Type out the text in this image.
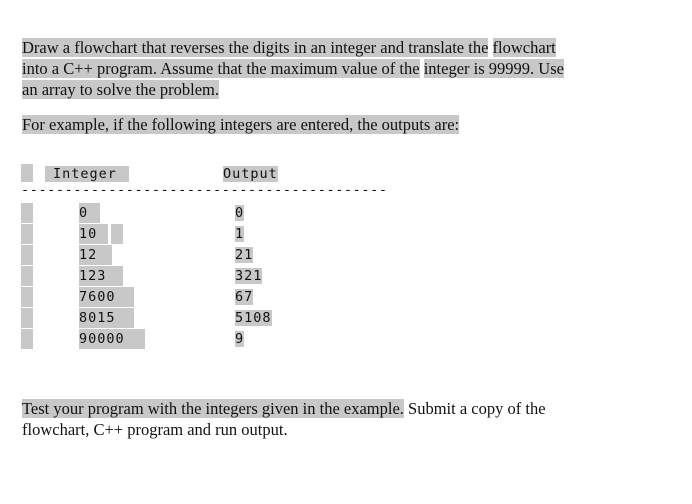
Draw a flowchart that reverses the digits in an integer and translate the flowchart
into a C++ program. Assume that the maximum value of the integer is 99999. Use
an array to solve the problem.
For example, if the following integers are entered, the outputs are:
Integer	Output
------------------------------------------
0	0
10	1
12	21
123	321
7600	67
8015	5108
90000	9
Test your program with the integers given in the example. Submit a copy of the
flowchart, C++ program and run output.
